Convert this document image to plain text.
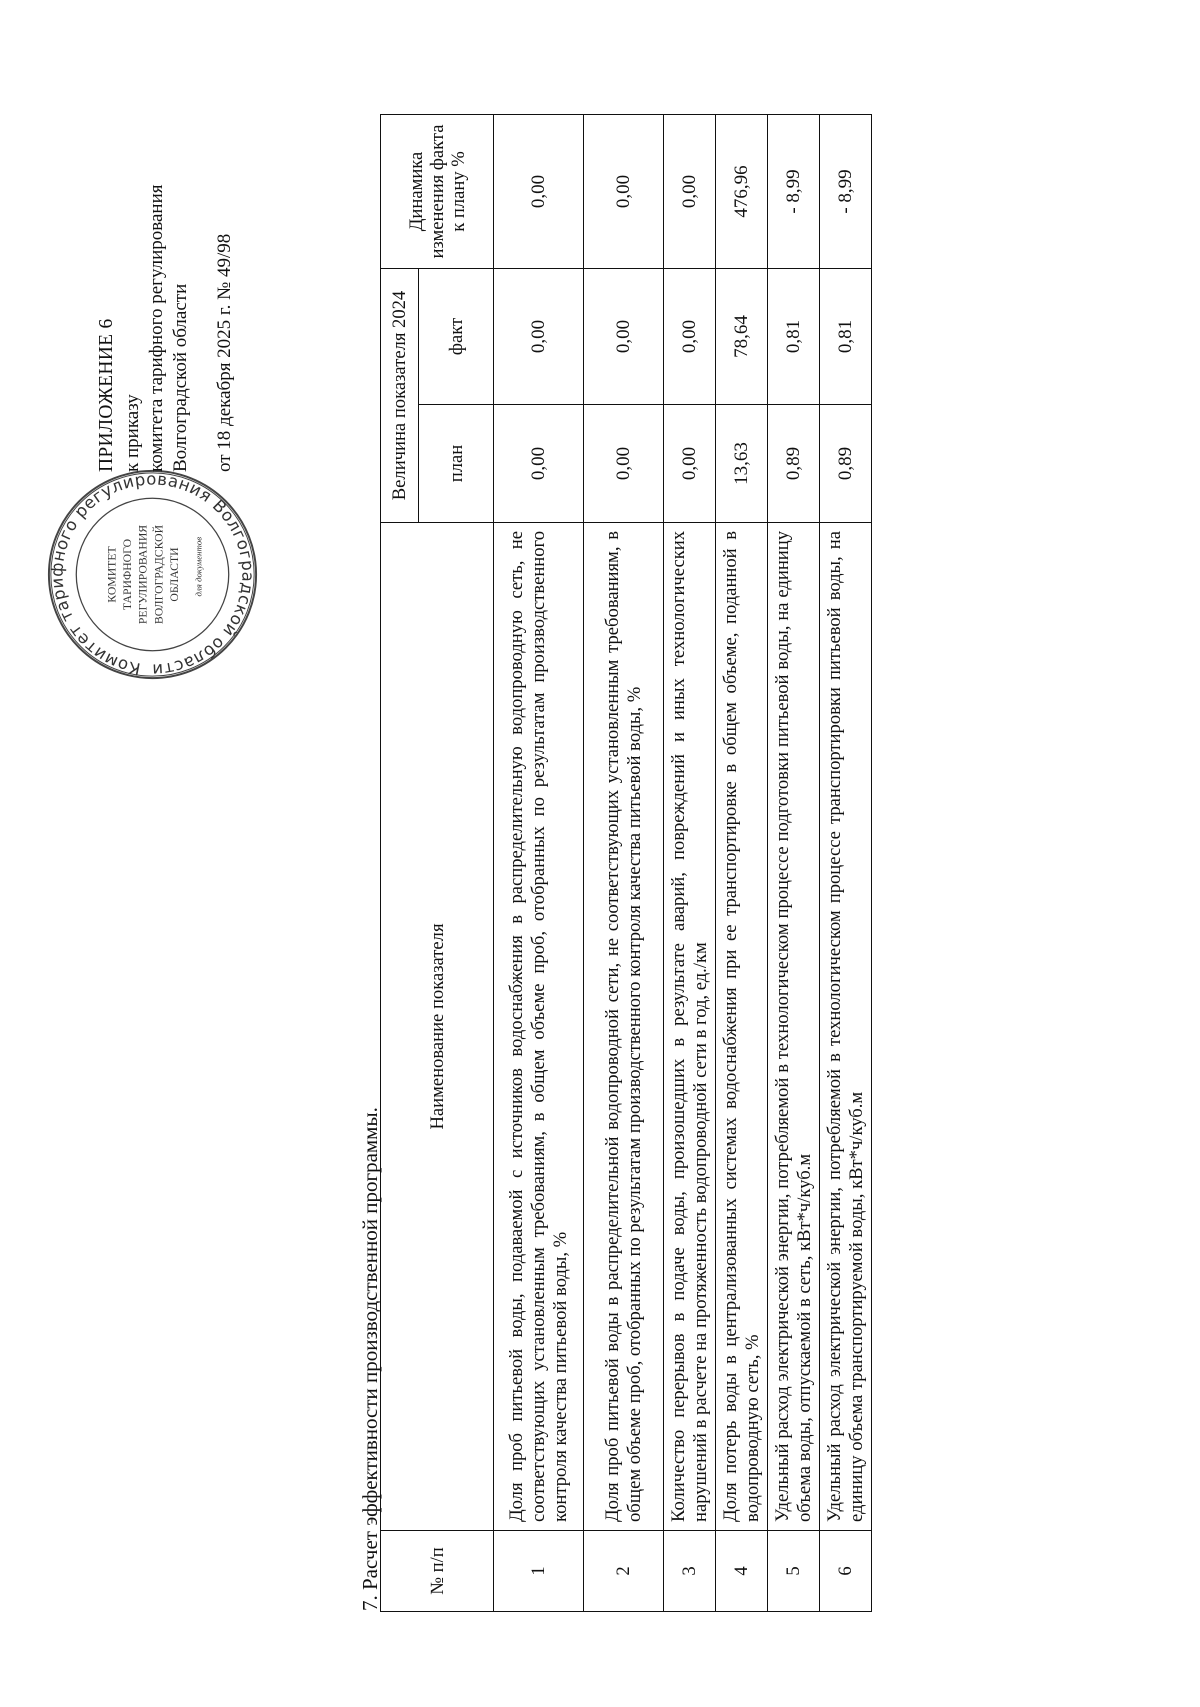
Комитет тарифного регулирования Волгоградской области
КОМИТЕТ ТАРИФНОГО РЕГУЛИРОВАНИЯ ВОЛГОГРАДСКОЙ ОБЛАСТИ для документов
ПРИЛОЖЕНИЕ 6 к приказу комитета тарифного регулирования Волгоградской области от 18 декабря 2025 г. № 49/98
7. Расчет эффективности производственной программы. № п/п	Наименование показателя	Величина показателя 2024		Динамика изменения факта к плану %
		план	факт	
1	Доля проб питьевой воды, подаваемой с источников водоснабжения в распределительную водопроводную сеть, не соответствующих установленным требованиям, в общем объеме проб, отобранных по результатам производственного контроля качества питьевой воды, %	0,00	0,00	0,00
2	Доля проб питьевой воды в распределительной водопроводной сети, не соответствующих установленным требованиям, в общем объеме проб, отобранных по результатам производственного контроля качества питьевой воды, %	0,00	0,00	0,00
3	Количество перерывов в подаче воды, произошедших в результате аварий, повреждений и иных технологических нарушений в расчете на протяженность водопроводной сети в год, ед./км	0,00	0,00	0,00
4	Доля потерь воды в централизованных системах водоснабжения при ее транспортировке в общем объеме, поданной в водопроводную сеть, %	13,63	78,64	476,96
5	Удельный расход электрической энергии, потребляемой в технологическом процессе подготовки питьевой воды, на единицу объема воды, отпускаемой в сеть, кВт*ч/куб.м	0,89	0,81	- 8,99
6	Удельный расход электрической энергии, потребляемой в технологическом процессе транспортировки питьевой воды, на единицу объема транспортируемой воды, кВт*ч/куб.м	0,89	0,81	- 8,99
